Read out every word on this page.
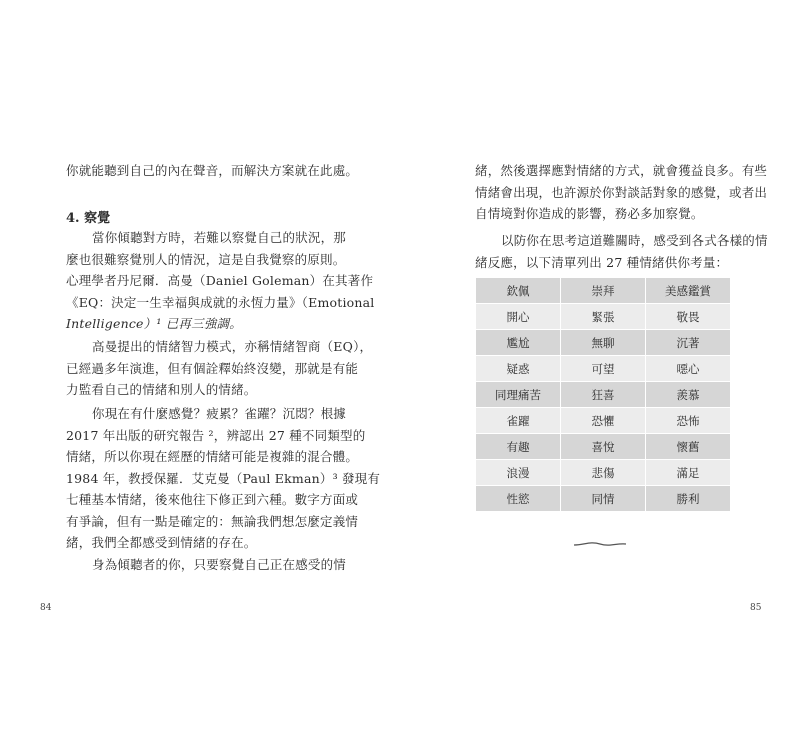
你就能聽到自己的內在聲音，而解決方案就在此處。
4. 察覺
當你傾聽對方時，若難以察覺自己的狀況，那
麼也很難察覺別人的情況，這是自我覺察的原則。
心理學者丹尼爾．高曼（Daniel Goleman）在其著作
《EQ：決定一生幸福與成就的永恆力量》（Emotional
Intelligence）¹ 已再三強調。
高曼提出的情緒智力模式，亦稱情緒智商（EQ），
已經過多年演進，但有個詮釋始終沒變，那就是有能
力監看自己的情緒和別人的情緒。
你現在有什麼感覺？疲累？雀躍？沉悶？根據
2017 年出版的研究報告 ²，辨認出 27 種不同類型的
情緒，所以你現在經歷的情緒可能是複雜的混合體。
1984 年，教授保羅．艾克曼（Paul Ekman）³ 發現有
七種基本情緒，後來他往下修正到六種。數字方面或
有爭論，但有一點是確定的：無論我們想怎麼定義情
緒，我們全都感受到情緒的存在。
身為傾聽者的你，只要察覺自己正在感受的情
84
緒，然後選擇應對情緒的方式，就會獲益良多。有些
情緒會出現，也許源於你對談話對象的感覺，或者出
自情境對你造成的影響，務必多加察覺。
以防你在思考這道難關時，感受到各式各樣的情
緒反應，以下清單列出 27 種情緒供你考量：
欽佩	崇拜	美感鑑賞
開心	緊張	敬畏
尷尬	無聊	沉著
疑惑	可望	噁心
同理痛苦	狂喜	羨慕
雀躍	恐懼	恐怖
有趣	喜悅	懷舊
浪漫	悲傷	滿足
性慾	同情	勝利
85
